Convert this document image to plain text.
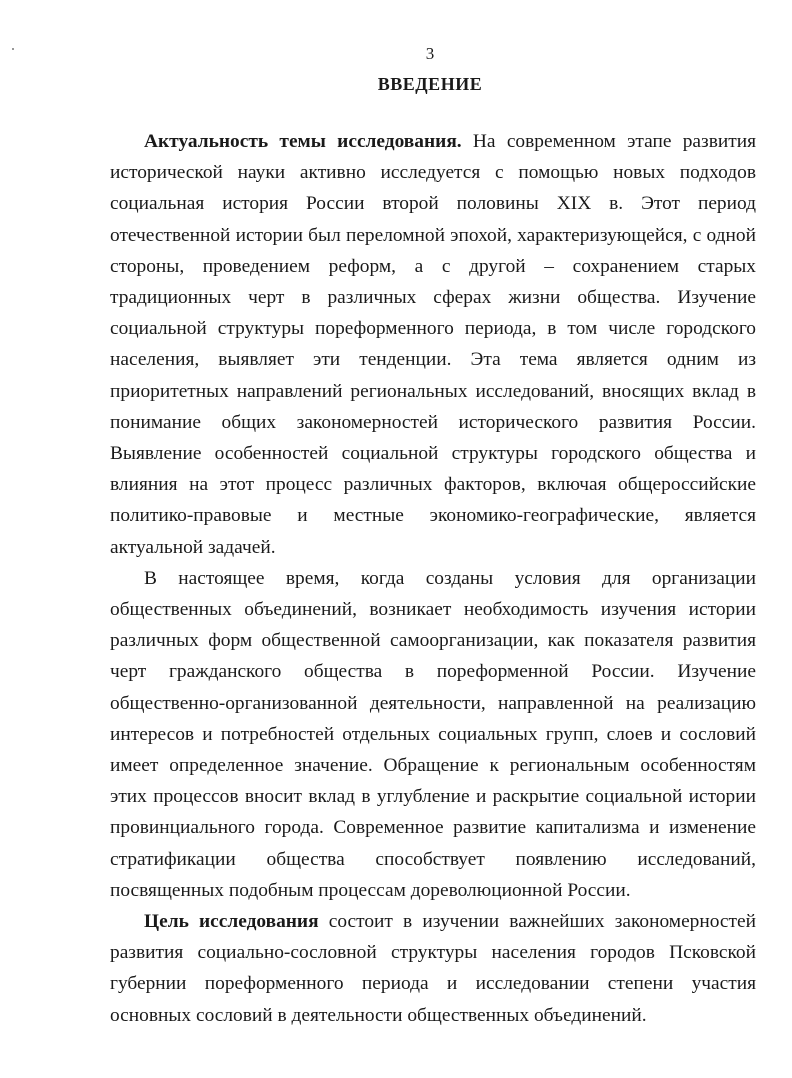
3
ВВЕДЕНИЕ

Актуальность темы исследования. На современном этапе развития исторической науки активно исследуется с помощью новых подходов социальная история России второй половины XIX в. Этот период отечественной истории был переломной эпохой, характеризующейся, с одной стороны, проведением реформ, а с другой – сохранением старых традиционных черт в различных сферах жизни общества. Изучение социальной структуры пореформенного периода, в том числе городского населения, выявляет эти тенденции. Эта тема является одним из приоритетных направлений региональных исследований, вносящих вклад в понимание общих закономерностей исторического развития России. Выявление особенностей социальной структуры городского общества и влияния на этот процесс различных факторов, включая общероссийские политико-правовые и местные экономико-географические, является актуальной задачей.

В настоящее время, когда созданы условия для организации общественных объединений, возникает необходимость изучения истории различных форм общественной самоорганизации, как показателя развития черт гражданского общества в пореформенной России. Изучение общественно-организованной деятельности, направленной на реализацию интересов и потребностей отдельных социальных групп, слоев и сословий имеет определенное значение. Обращение к региональным особенностям этих процессов вносит вклад в углубление и раскрытие социальной истории провинциального города. Современное развитие капитализма и изменение стратификации общества способствует появлению исследований, посвященных подобным процессам дореволюционной России.

Цель исследования состоит в изучении важнейших закономерностей развития социально-сословной структуры населения городов Псковской губернии пореформенного периода и исследовании степени участия основных сословий в деятельности общественных объединений.
